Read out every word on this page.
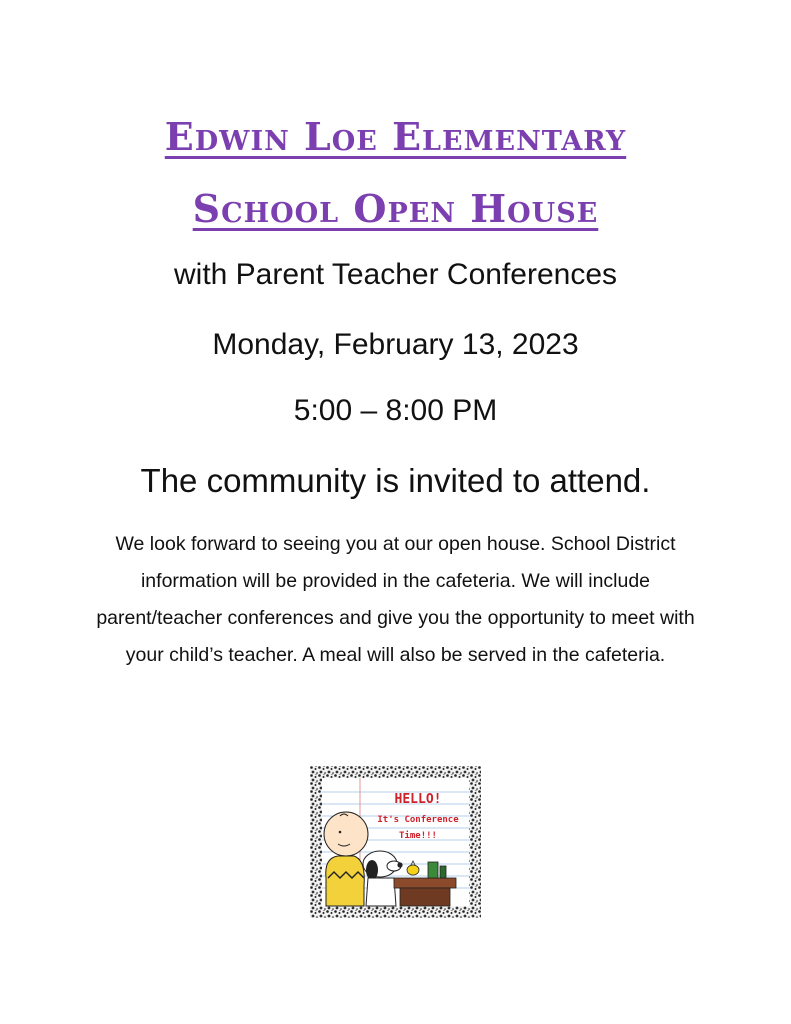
Edwin Loe Elementary
School Open House
with Parent Teacher Conferences
Monday, February 13, 2023
5:00 – 8:00 PM
The community is invited to attend.
We look forward to seeing you at our open house. School District information will be provided in the cafeteria. We will include parent/teacher conferences and give you the opportunity to meet with your child’s teacher. A meal will also be served in the cafeteria.
HELLO!
It's Conference
Time!!!
